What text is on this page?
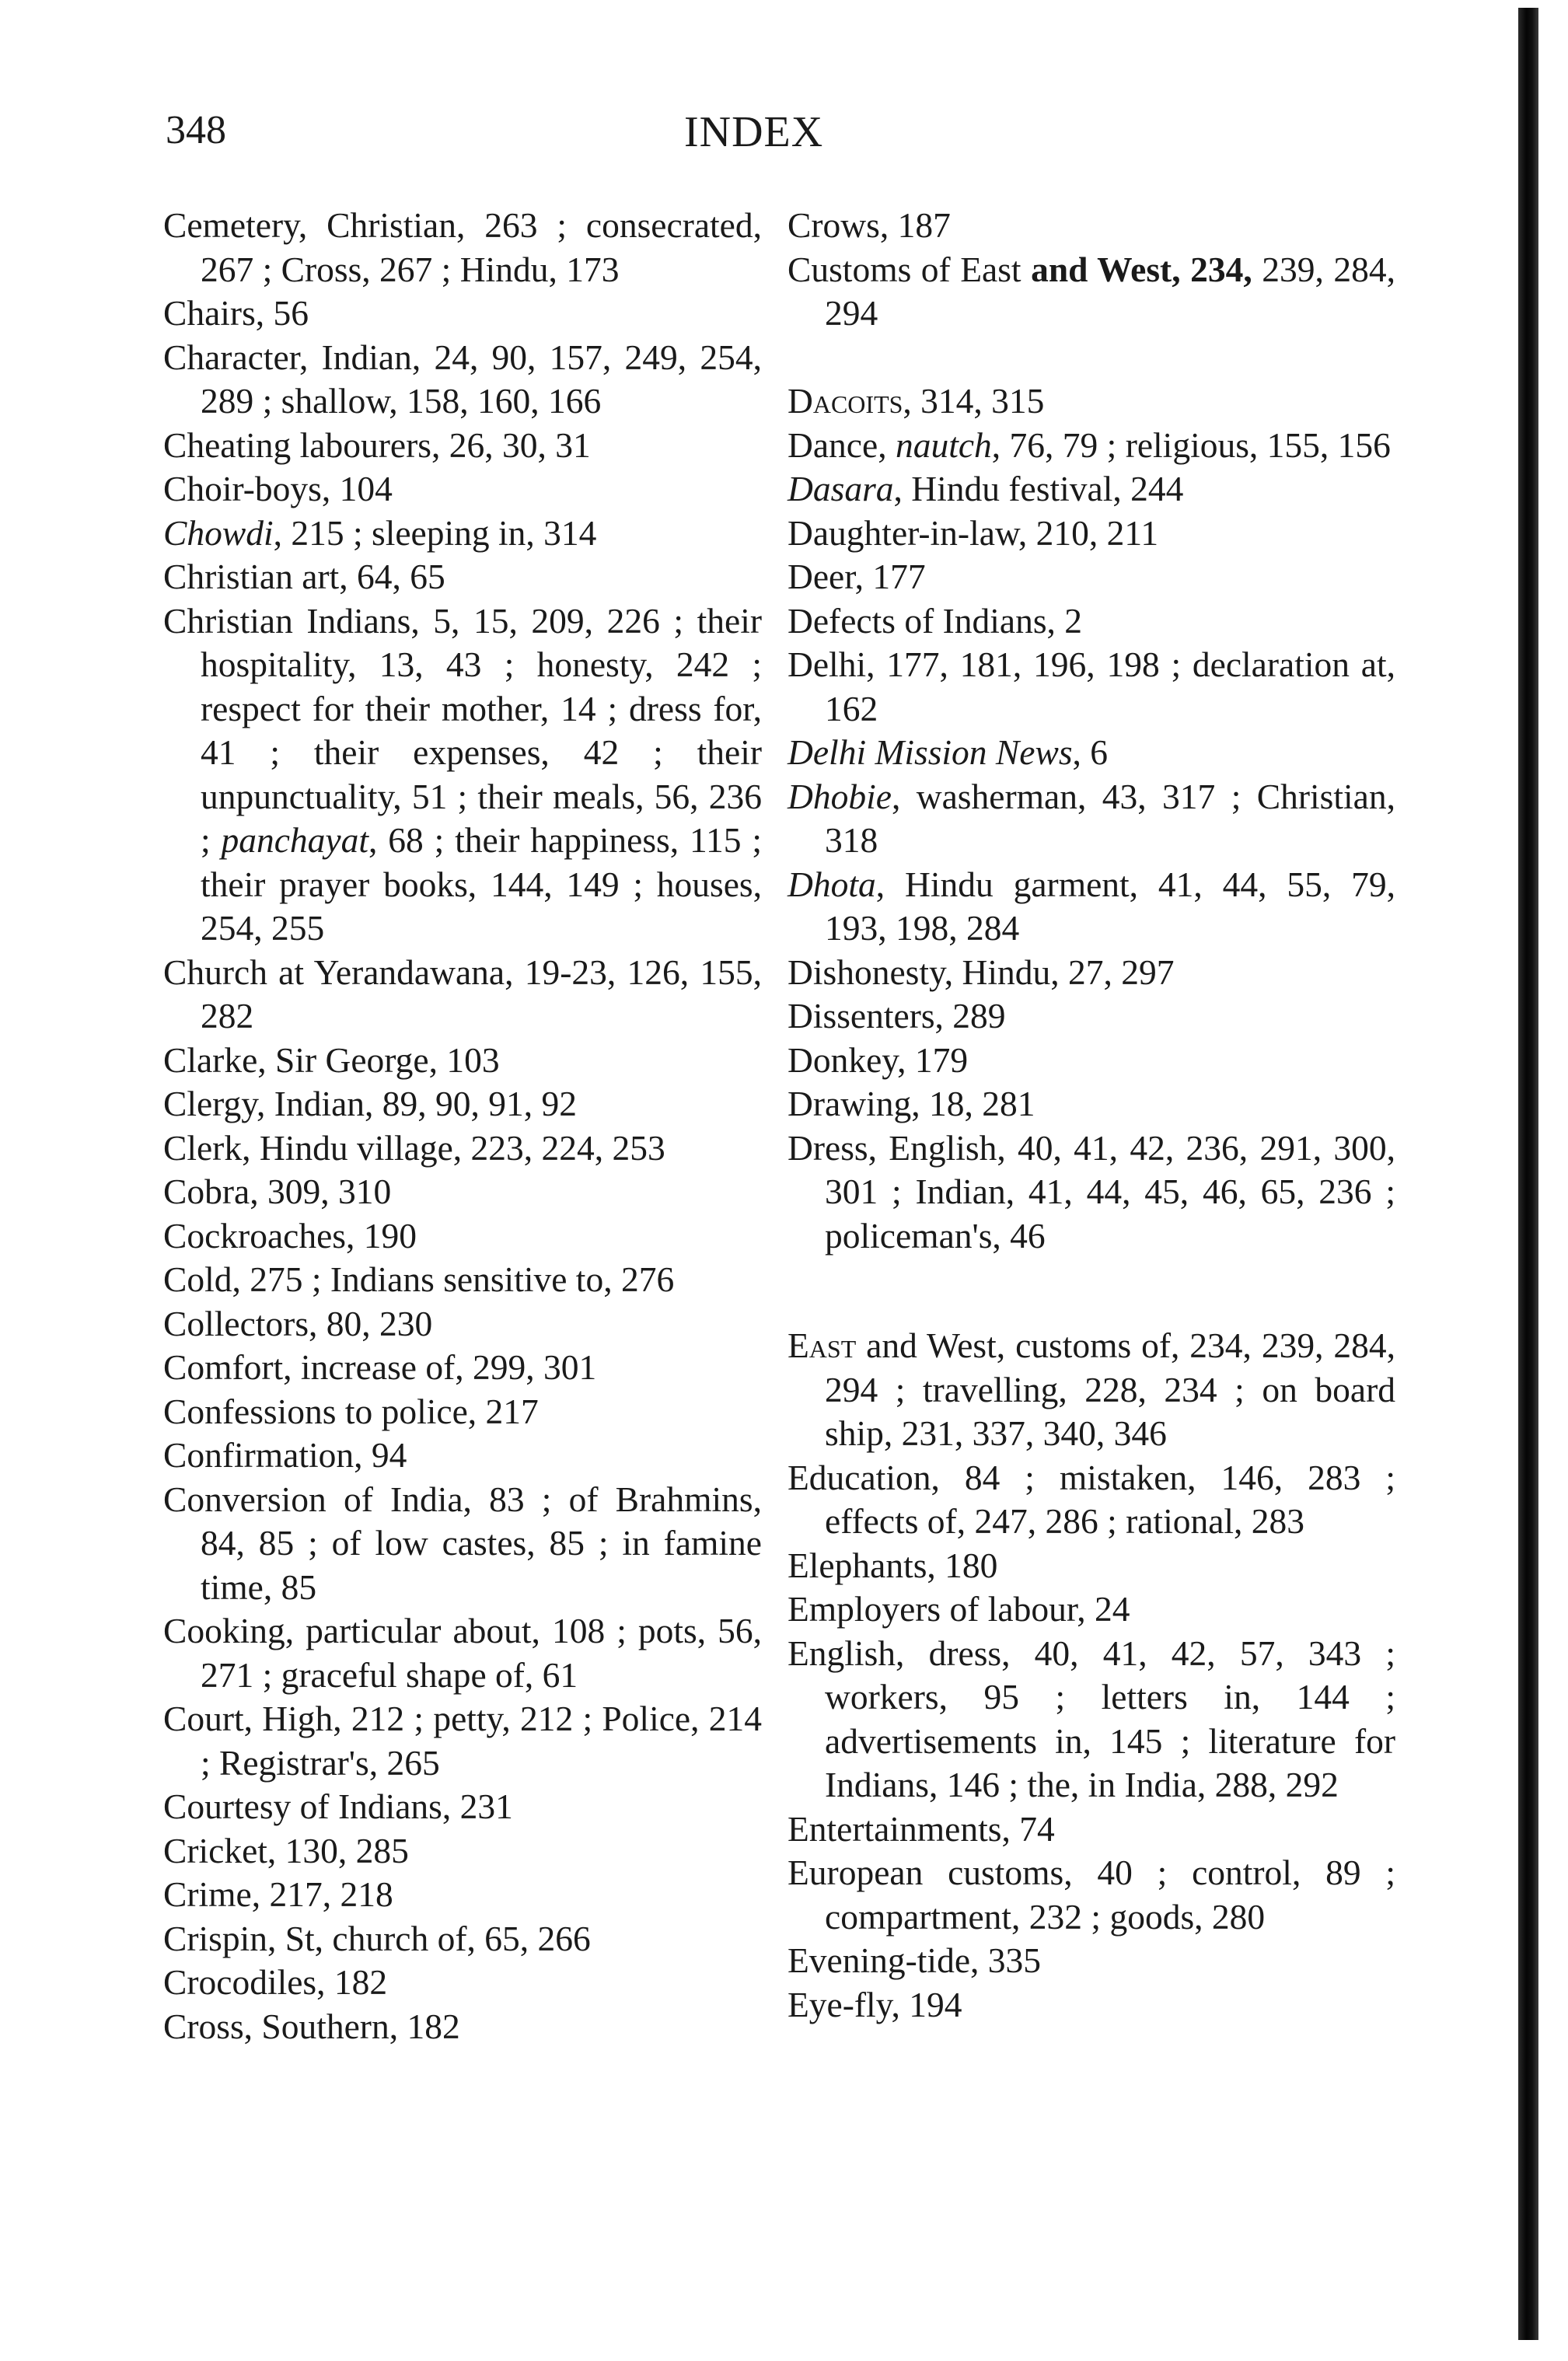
348	INDEX

Cemetery, Christian, 263 ; consecrated, 267 ; Cross, 267 ; Hindu, 173

Chairs, 56

Character, Indian, 24, 90, 157, 249, 254, 289 ; shallow, 158, 160, 166

Cheating labourers, 26, 30, 31

Choir-boys, 104

Chowdi, 215 ; sleeping in, 314

Christian art, 64, 65

Christian Indians, 5, 15, 209, 226 ; their hospitality, 13, 43 ; honesty, 242 ; respect for their mother, 14 ; dress for, 41 ; their expenses, 42 ; their unpunctuality, 51 ; their meals, 56, 236 ; panchayat, 68 ; their happiness, 115 ; their prayer books, 144, 149 ; houses, 254, 255

Church at Yerandawana, 19-23, 126, 155, 282

Clarke, Sir George, 103

Clergy, Indian, 89, 90, 91, 92

Clerk, Hindu village, 223, 224, 253

Cobra, 309, 310

Cockroaches, 190

Cold, 275 ; Indians sensitive to, 276

Collectors, 80, 230

Comfort, increase of, 299, 301

Confessions to police, 217

Confirmation, 94

Conversion of India, 83 ; of Brahmins, 84, 85 ; of low castes, 85 ; in famine time, 85

Cooking, particular about, 108 ; pots, 56, 271 ; graceful shape of, 61

Court, High, 212 ; petty, 212 ; Police, 214 ; Registrar's, 265

Courtesy of Indians, 231

Cricket, 130, 285

Crime, 217, 218

Crispin, St, church of, 65, 266

Crocodiles, 182

Cross, Southern, 182

Crows, 187

Customs of East and West, 234, 239, 284, 294

Dacoits, 314, 315

Dance, nautch, 76, 79 ; religious, 155, 156

Dasara, Hindu festival, 244

Daughter-in-law, 210, 211

Deer, 177

Defects of Indians, 2

Delhi, 177, 181, 196, 198 ; declaration at, 162

Delhi Mission News, 6

Dhobie, washerman, 43, 317 ; Christian, 318

Dhota, Hindu garment, 41, 44, 55, 79, 193, 198, 284

Dishonesty, Hindu, 27, 297

Dissenters, 289

Donkey, 179

Drawing, 18, 281

Dress, English, 40, 41, 42, 236, 291, 300, 301 ; Indian, 41, 44, 45, 46, 65, 236 ; policeman's, 46

East and West, customs of, 234, 239, 284, 294 ; travelling, 228, 234 ; on board ship, 231, 337, 340, 346

Education, 84 ; mistaken, 146, 283 ; effects of, 247, 286 ; rational, 283

Elephants, 180

Employers of labour, 24

English, dress, 40, 41, 42, 57, 343 ; workers, 95 ; letters in, 144 ; advertisements in, 145 ; literature for Indians, 146 ; the, in India, 288, 292

Entertainments, 74

European customs, 40 ; control, 89 ; compartment, 232 ; goods, 280

Evening-tide, 335

Eye-fly, 194
